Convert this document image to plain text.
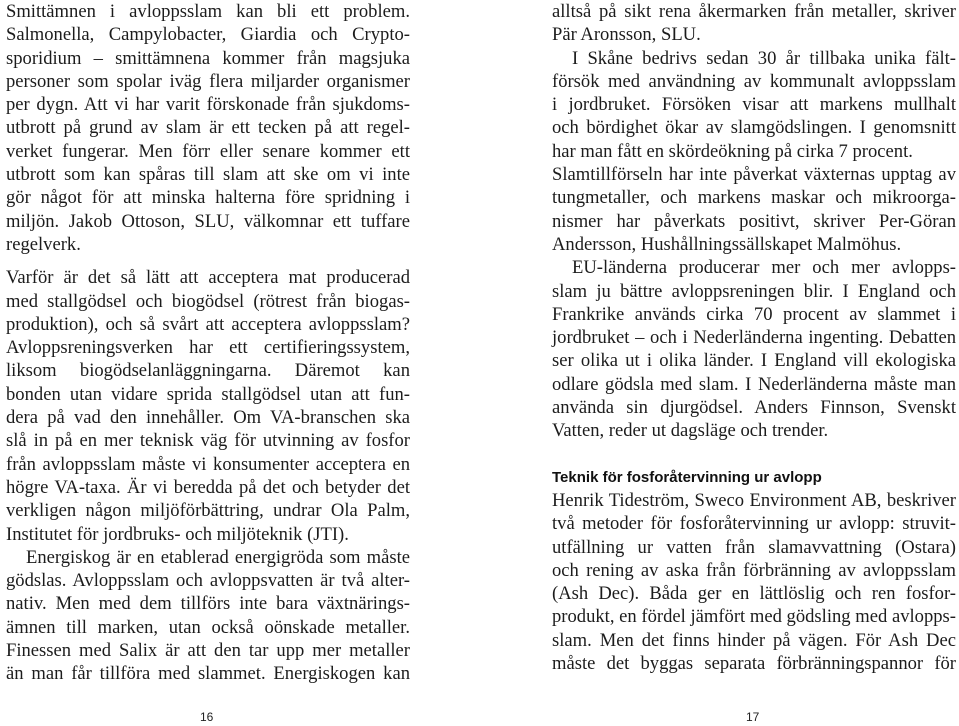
Smittämnen i avloppsslam kan bli ett problem.
Salmonella, Campylobacter, Giardia och Crypto-
sporidium – smittämnena kommer från magsjuka
personer som spolar iväg flera miljarder organismer
per dygn. Att vi har varit förskonade från sjukdoms-
utbrott på grund av slam är ett tecken på att regel-
verket fungerar. Men förr eller senare kommer ett
utbrott som kan spåras till slam att ske om vi inte
gör något för att minska halterna före spridning i
miljön. Jakob Ottoson, SLU, välkomnar ett tuffare
regelverk.
Varför är det så lätt att acceptera mat producerad
med stallgödsel och biogödsel (rötrest från biogas-
produktion), och så svårt att acceptera avloppsslam?
Avloppsreningsverken har ett certifieringssystem,
liksom biogödselanläggningarna. Däremot kan
bonden utan vidare sprida stallgödsel utan att fun-
dera på vad den innehåller. Om VA-branschen ska
slå in på en mer teknisk väg för utvinning av fosfor
från avloppsslam måste vi konsumenter acceptera en
högre VA-taxa. Är vi beredda på det och betyder det
verkligen någon miljöförbättring, undrar Ola Palm,
Institutet för jordbruks- och miljöteknik (JTI).
Energiskog är en etablerad energigröda som måste
gödslas. Avloppsslam och avloppsvatten är två alter-
nativ. Men med dem tillförs inte bara växtnärings-
ämnen till marken, utan också oönskade metaller.
Finessen med Salix är att den tar upp mer metaller
än man får tillföra med slammet. Energiskogen kan
16
alltså på sikt rena åkermarken från metaller, skriver
Pär Aronsson, SLU.
I Skåne bedrivs sedan 30 år tillbaka unika fält-
försök med användning av kommunalt avloppsslam
i jordbruket. Försöken visar att markens mullhalt
och bördighet ökar av slamgödslingen. I genomsnitt
har man fått en skördeökning på cirka 7 procent.
Slamtillförseln har inte påverkat växternas upptag av
tungmetaller, och markens maskar och mikroorga-
nismer har påverkats positivt, skriver Per-Göran
Andersson, Hushållningssällskapet Malmöhus.
EU-länderna producerar mer och mer avlopps-
slam ju bättre avloppsreningen blir. I England och
Frankrike används cirka 70 procent av slammet i
jordbruket – och i Nederländerna ingenting. Debatten
ser olika ut i olika länder. I England vill ekologiska
odlare gödsla med slam. I Nederländerna måste man
använda sin djurgödsel. Anders Finnson, Svenskt
Vatten, reder ut dagsläge och trender.
Teknik för fosforåtervinning ur avlopp
Henrik Tideström, Sweco Environment AB, beskriver
två metoder för fosforåtervinning ur avlopp: struvit-
utfällning ur vatten från slamavvattning (Ostara)
och rening av aska från förbränning av avloppsslam
(Ash Dec). Båda ger en lättlöslig och ren fosfor-
produkt, en fördel jämfört med gödsling med avlopps-
slam. Men det finns hinder på vägen. För Ash Dec
måste det byggas separata förbränningspannor för
17
